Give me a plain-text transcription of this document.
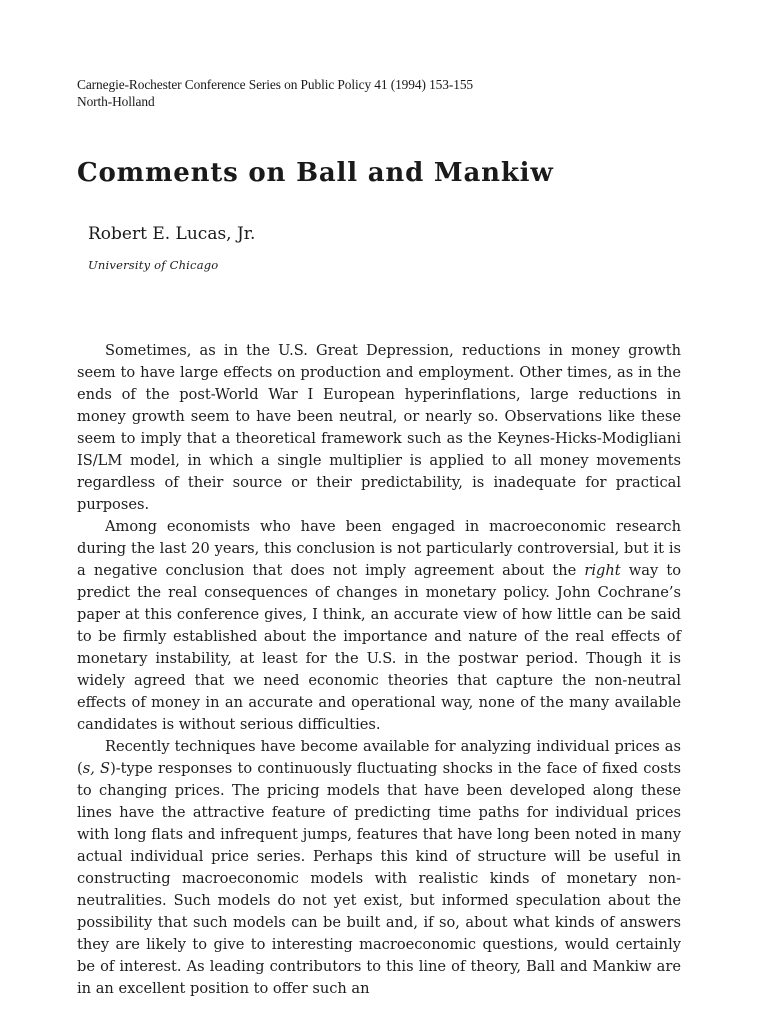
Carnegie-Rochester Conference Series on Public Policy 41 (1994) 153-155
North-Holland
Comments on Ball and Mankiw
Robert E. Lucas, Jr.
University of Chicago

Sometimes, as in the U.S. Great Depression, reductions in money growth seem to have large effects on production and employment. Other times, as in the ends of the post-World War I European hyperinflations, large reductions in money growth seem to have been neutral, or nearly so. Observations like these seem to imply that a theoretical framework such as the Keynes-Hicks-Modigliani IS/LM model, in which a single multiplier is applied to all money movements regardless of their source or their predictability, is inadequate for practical purposes.

Among economists who have been engaged in macroeconomic research during the last 20 years, this conclusion is not particularly controversial, but it is a negative conclusion that does not imply agreement about the right way to predict the real consequences of changes in monetary policy. John Cochrane’s paper at this conference gives, I think, an accurate view of how little can be said to be firmly established about the importance and nature of the real effects of monetary instability, at least for the U.S. in the postwar period. Though it is widely agreed that we need economic theories that capture the non-neutral effects of money in an accurate and operational way, none of the many available candidates is without serious difficulties.

Recently techniques have become available for analyzing individual prices as (s, S)-type responses to continuously fluctuating shocks in the face of fixed costs to changing prices. The pricing models that have been developed along these lines have the attractive feature of predicting time paths for individual prices with long flats and infrequent jumps, features that have long been noted in many actual individual price series. Perhaps this kind of structure will be useful in constructing macroeconomic models with realistic kinds of monetary non-neutralities. Such models do not yet exist, but informed speculation about the possibility that such models can be built and, if so, about what kinds of answers they are likely to give to interesting macroeconomic questions, would certainly be of interest. As leading contributors to this line of theory, Ball and Mankiw are in an excellent position to offer such an
